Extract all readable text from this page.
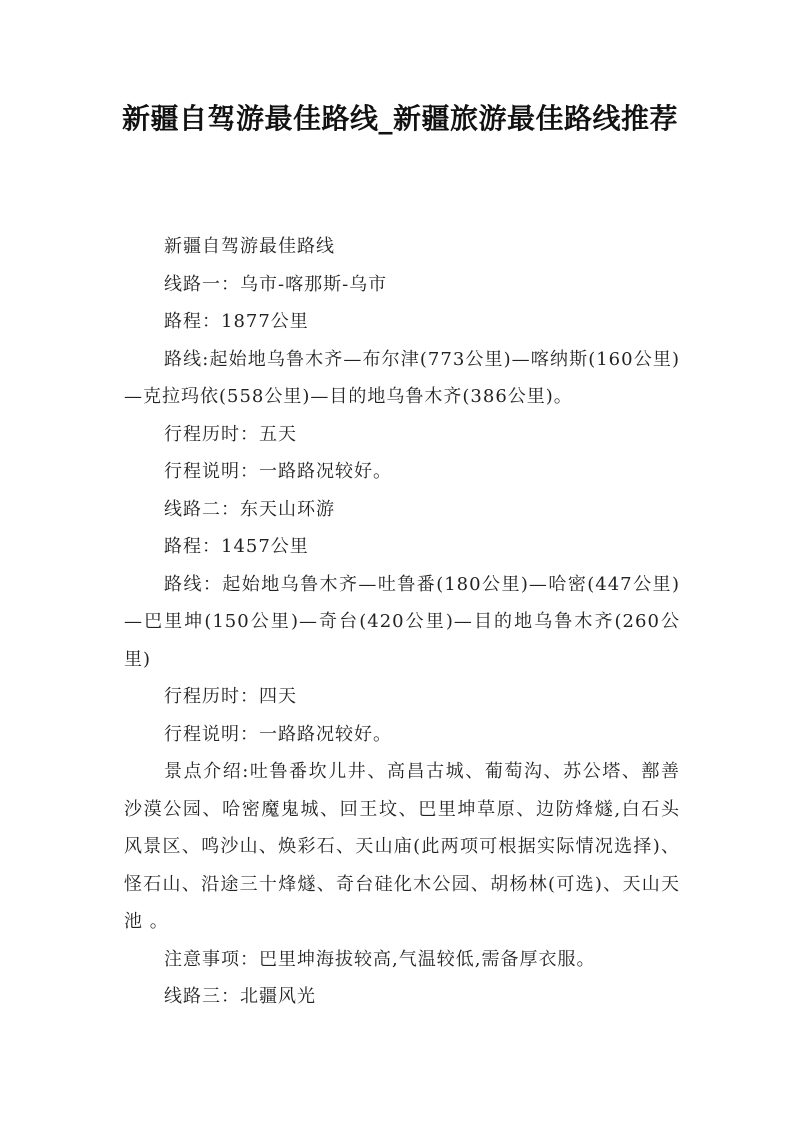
新疆自驾游最佳路线_新疆旅游最佳路线推荐

新疆自驾游最佳路线

线路一：乌市-喀那斯-乌市

路程：1877公里

路线:起始地乌鲁木齐—布尔津(773公里)—喀纳斯(160公里)—克拉玛依(558公里)—目的地乌鲁木齐(386公里)。

行程历时：五天

行程说明：一路路况较好。

线路二：东天山环游

路程：1457公里

路线：起始地乌鲁木齐—吐鲁番(180公里)—哈密(447公里)—巴里坤(150公里)—奇台(420公里)—目的地乌鲁木齐(260公里)

行程历时：四天

行程说明：一路路况较好。

景点介绍:吐鲁番坎儿井、高昌古城、葡萄沟、苏公塔、鄯善沙漠公园、哈密魔鬼城、回王坟、巴里坤草原、边防烽燧,白石头风景区、鸣沙山、焕彩石、天山庙(此两项可根据实际情况选择)、怪石山、沿途三十烽燧、奇台硅化木公园、胡杨林(可选)、天山天池 。

注意事项：巴里坤海拔较高,气温较低,需备厚衣服。

线路三：北疆风光
